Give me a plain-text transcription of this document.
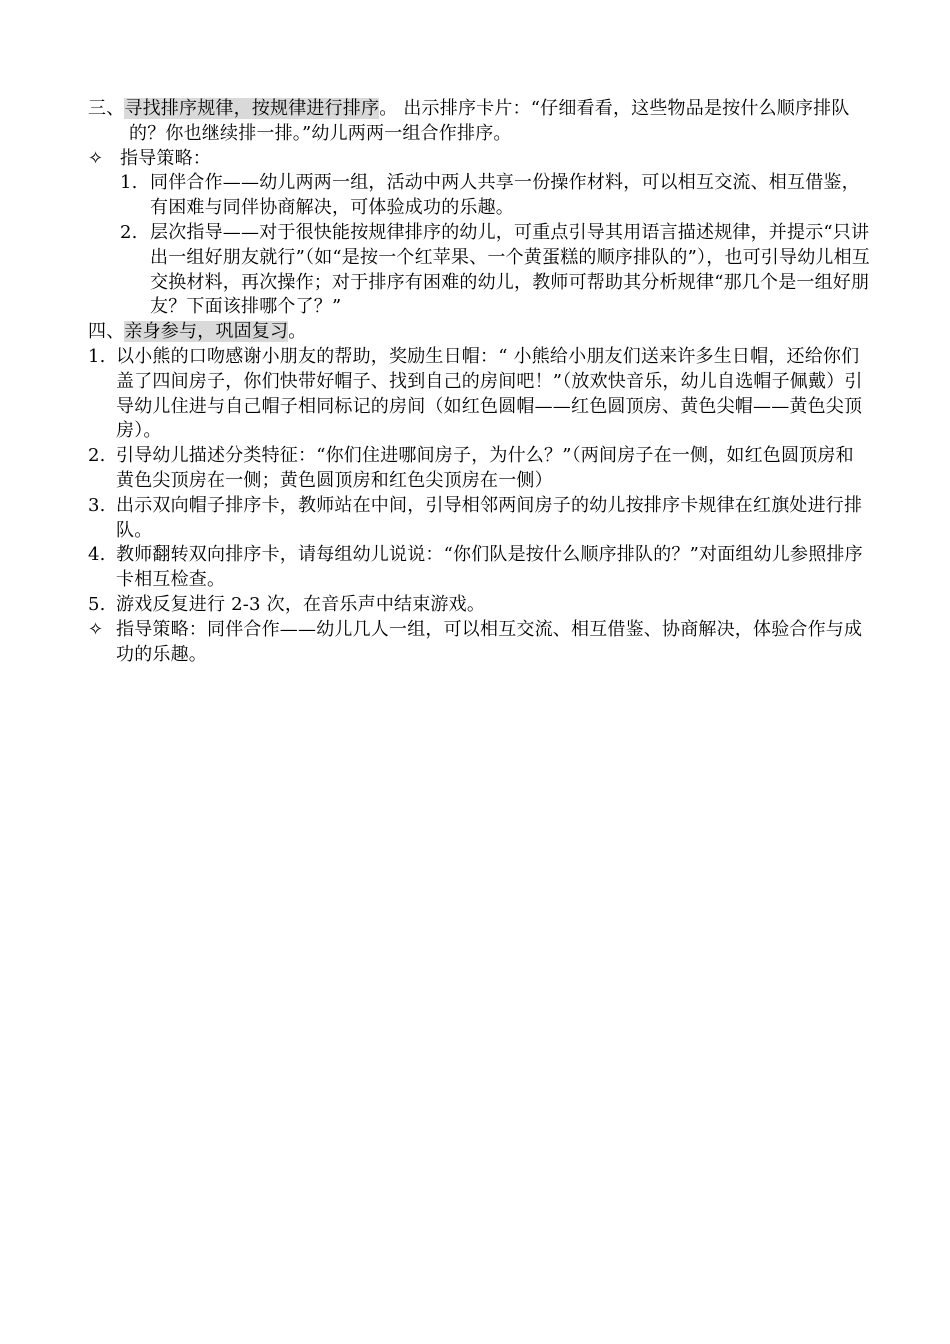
三、寻找排序规律，按规律进行排序。 出示排序卡片：“仔细看看，这些物品是按什么顺序排队的？你也继续排一排。”幼儿两两一组合作排序。
✧ 指导策略：
1. 同伴合作——幼儿两两一组，活动中两人共享一份操作材料，可以相互交流、相互借鉴，有困难与同伴协商解决，可体验成功的乐趣。
2. 层次指导——对于很快能按规律排序的幼儿，可重点引导其用语言描述规律，并提示“只讲出一组好朋友就行”（如“是按一个红苹果、一个黄蛋糕的顺序排队的”），也可引导幼儿相互交换材料，再次操作；对于排序有困难的幼儿，教师可帮助其分析规律“那几个是一组好朋友？下面该排哪个了？”
四、亲身参与，巩固复习。
1. 以小熊的口吻感谢小朋友的帮助，奖励生日帽：“ 小熊给小朋友们送来许多生日帽，还给你们盖了四间房子，你们快带好帽子、找到自己的房间吧！”（放欢快音乐，幼儿自选帽子佩戴）引导幼儿住进与自己帽子相同标记的房间（如红色圆帽——红色圆顶房、黄色尖帽——黄色尖顶房）。
2. 引导幼儿描述分类特征：“你们住进哪间房子，为什么？”（两间房子在一侧，如红色圆顶房和黄色尖顶房在一侧；黄色圆顶房和红色尖顶房在一侧）
3. 出示双向帽子排序卡，教师站在中间，引导相邻两间房子的幼儿按排序卡规律在红旗处进行排队。
4. 教师翻转双向排序卡，请每组幼儿说说：“你们队是按什么顺序排队的？”对面组幼儿参照排序卡相互检查。
5. 游戏反复进行 2-3 次，在音乐声中结束游戏。
✧ 指导策略：同伴合作——幼儿几人一组，可以相互交流、相互借鉴、协商解决，体验合作与成功的乐趣。
